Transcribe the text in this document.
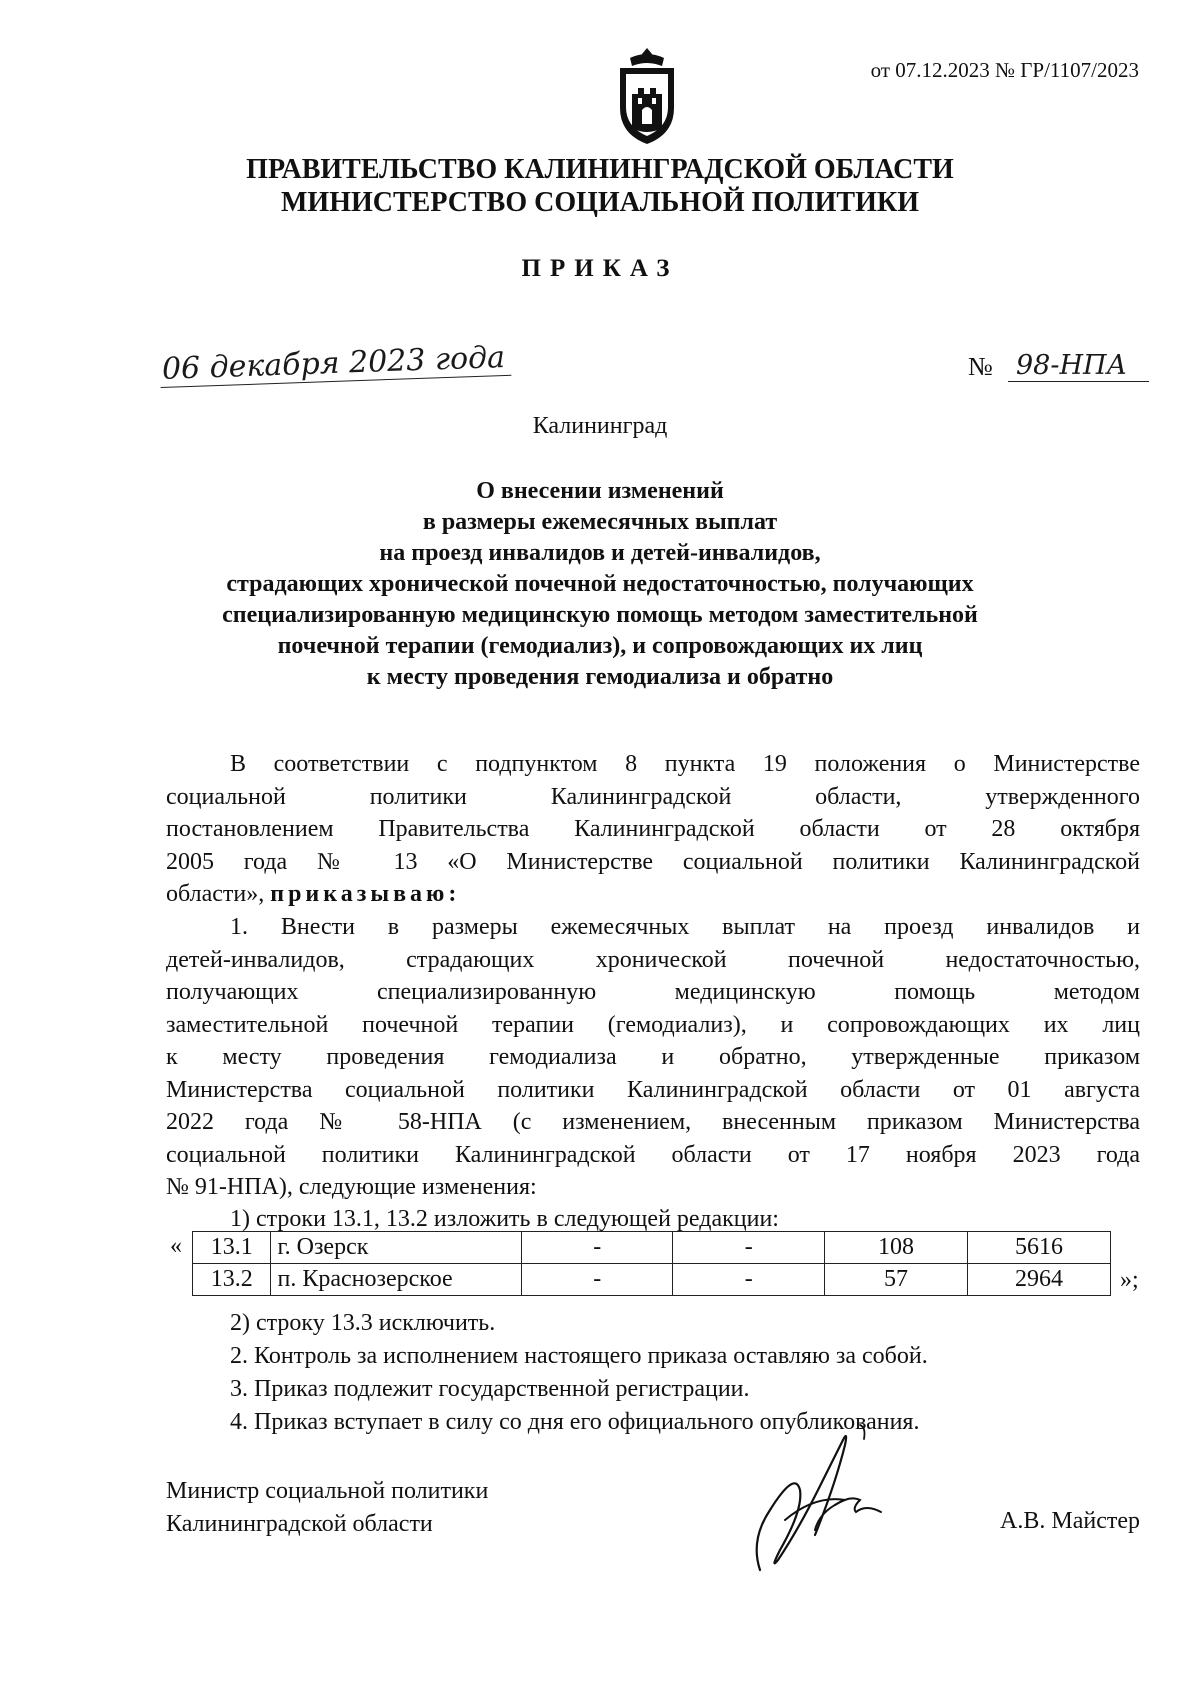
от 07.12.2023 № ГР/1107/2023
ПРАВИТЕЛЬСТВО КАЛИНИНГРАДСКОЙ ОБЛАСТИ
МИНИСТЕРСТВО СОЦИАЛЬНОЙ ПОЛИТИКИ
ПРИКАЗ
06 декабря 2023 года	№ 98-НПА
Калининград
О внесении изменений
в размеры ежемесячных выплат
на проезд инвалидов и детей-инвалидов,
страдающих хронической почечной недостаточностью, получающих
специализированную медицинскую помощь методом заместительной
почечной терапии (гемодиализ), и сопровождающих их лиц
к месту проведения гемодиализа и обратно
В соответствии с подпунктом 8 пункта 19 положения о Министерстве
социальной политики Калининградской области, утвержденного
постановлением Правительства Калининградской области от 28 октября
2005 года № 13 «О Министерстве социальной политики Калининградской
области», приказываю:
1. Внести в размеры ежемесячных выплат на проезд инвалидов и
детей-инвалидов, страдающих хронической почечной недостаточностью,
получающих специализированную медицинскую помощь методом
заместительной почечной терапии (гемодиализ), и сопровождающих их лиц
к месту проведения гемодиализа и обратно, утвержденные приказом
Министерства социальной политики Калининградской области от 01 августа
2022 года № 58-НПА (с изменением, внесенным приказом Министерства
социальной политики Калининградской области от 17 ноября 2023 года
№ 91-НПА), следующие изменения:
1) строки 13.1, 13.2 изложить в следующей редакции:
« 13.1	г. Озерск	-	-	108	5616
13.2	п. Краснозерское	-	-	57	2964 »;
2) строку 13.3 исключить.
2. Контроль за исполнением настоящего приказа оставляю за собой.
3. Приказ подлежит государственной регистрации.
4. Приказ вступает в силу со дня его официального опубликования.
Министр социальной политики
Калининградской области	А.В. Майстер
